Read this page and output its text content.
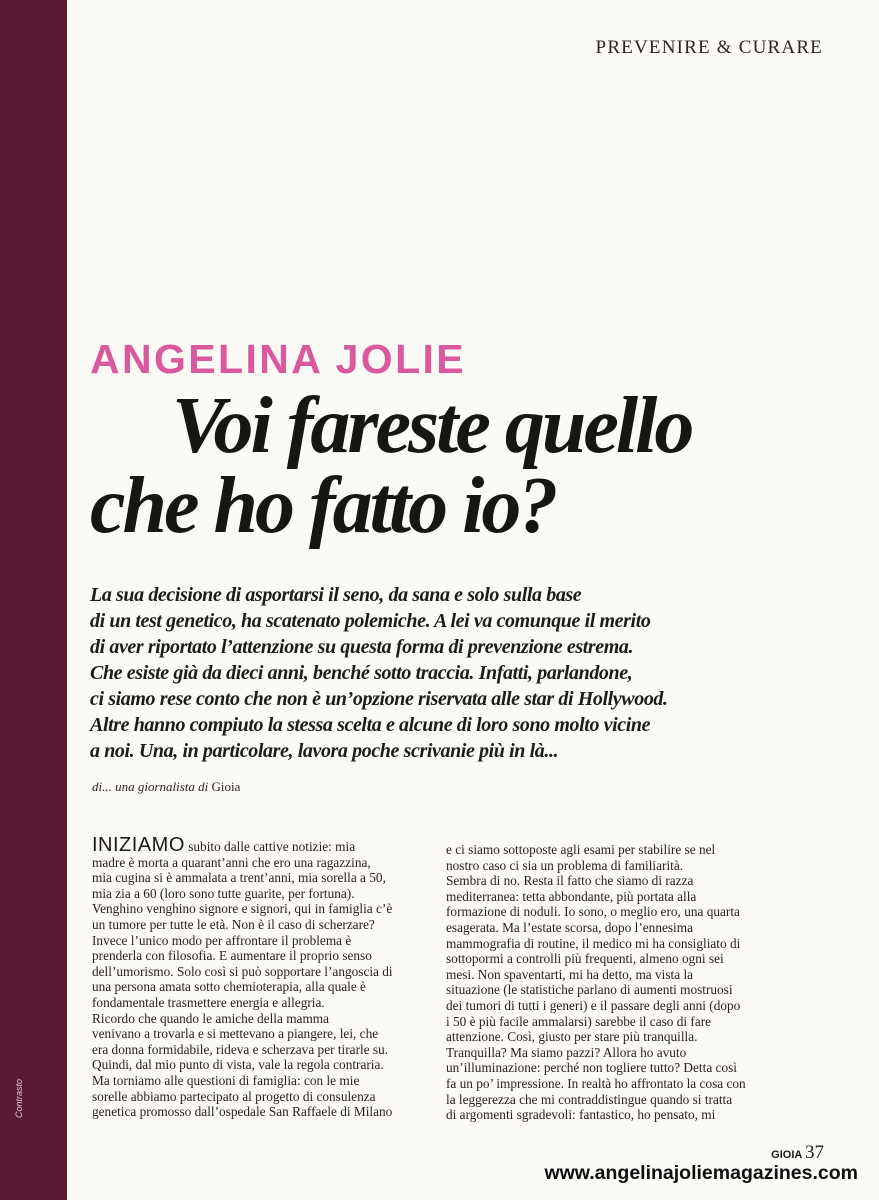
Contrasto
PREVENIRE & CURARE
ANGELINA JOLIE
Voi fareste quello
che ho fatto io?
La sua decisione di asportarsi il seno, da sana e solo sulla base
di un test genetico, ha scatenato polemiche. A lei va comunque il merito
di aver riportato l’attenzione su questa forma di prevenzione estrema.
Che esiste già da dieci anni, benché sotto traccia. Infatti, parlandone,
ci siamo rese conto che non è un’opzione riservata alle star di Hollywood.
Altre hanno compiuto la stessa scelta e alcune di loro sono molto vicine
a noi. Una, in particolare, lavora poche scrivanie più in là...
di... una giornalista di Gioia
INIZIAMO subito dalle cattive notizie: mia
madre è morta a quarant’anni che ero una ragazzina,
mia cugina si è ammalata a trent’anni, mia sorella a 50,
mia zia a 60 (loro sono tutte guarite, per fortuna).
Venghino venghino signore e signori, qui in famiglia c’è
un tumore per tutte le età. Non è il caso di scherzare?
Invece l’unico modo per affrontare il problema è
prenderla con filosofia. E aumentare il proprio senso
dell’umorismo. Solo così si può sopportare l’angoscia di
una persona amata sotto chemioterapia, alla quale è
fondamentale trasmettere energia e allegria.
Ricordo che quando le amiche della mamma
venivano a trovarla e si mettevano a piangere, lei, che
era donna formidabile, rideva e scherzava per tirarle su.
Quindi, dal mio punto di vista, vale la regola contraria.
Ma torniamo alle questioni di famiglia: con le mie
sorelle abbiamo partecipato al progetto di consulenza
genetica promosso dall’ospedale San Raffaele di Milano
e ci siamo sottoposte agli esami per stabilire se nel
nostro caso ci sia un problema di familiarità.
Sembra di no. Resta il fatto che siamo di razza
mediterranea: tetta abbondante, più portata alla
formazione di noduli. Io sono, o meglio ero, una quarta
esagerata. Ma l’estate scorsa, dopo l’ennesima
mammografia di routine, il medico mi ha consigliato di
sottopormi a controlli più frequenti, almeno ogni sei
mesi. Non spaventarti, mi ha detto, ma vista la
situazione (le statistiche parlano di aumenti mostruosi
dei tumori di tutti i generi) e il passare degli anni (dopo
i 50 è più facile ammalarsi) sarebbe il caso di fare
attenzione. Così, giusto per stare più tranquilla.
Tranquilla? Ma siamo pazzi? Allora ho avuto
un’illuminazione: perché non togliere tutto? Detta così
fa un po’ impressione. In realtà ho affrontato la cosa con
la leggerezza che mi contraddistingue quando si tratta
di argomenti sgradevoli: fantastico, ho pensato, mi
GIOIA 37
www.angelinajoliemagazines.com
